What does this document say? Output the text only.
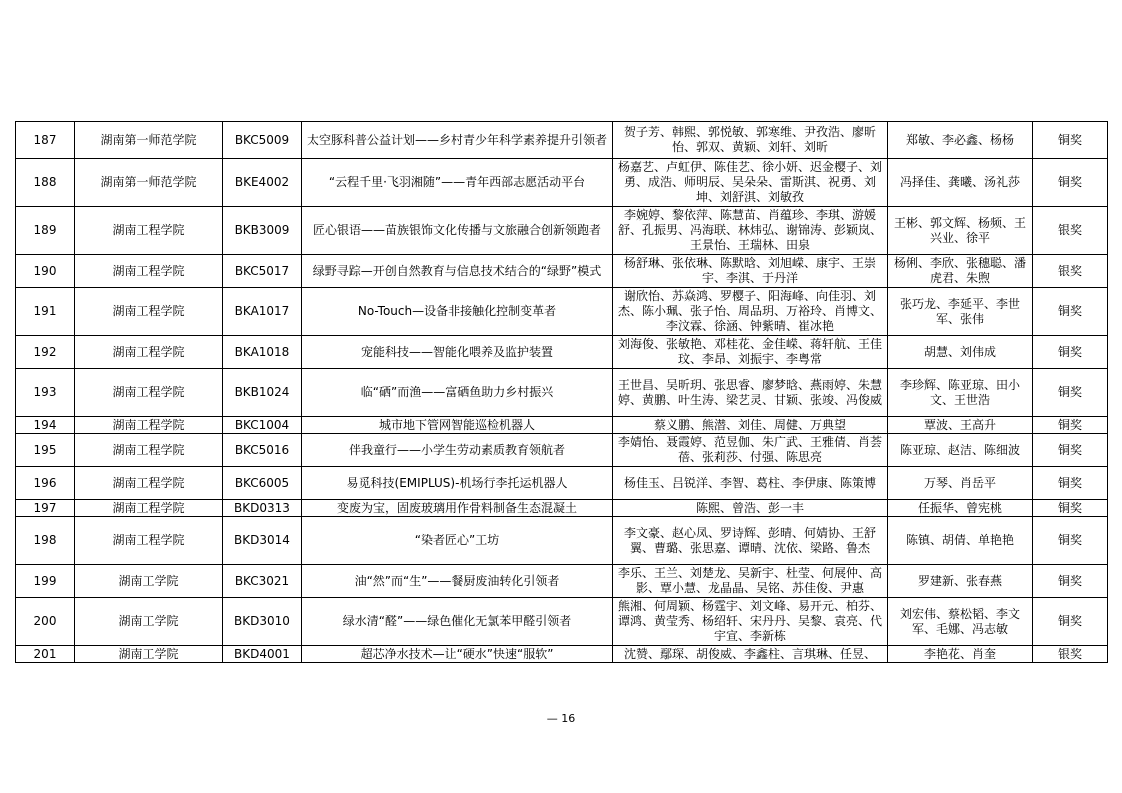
187	湖南第一师范学院	BKC5009	太空豚科普公益计划——乡村青少年科学素养提升引领者	贺子芳、韩熙、郭悦敏、郭寒维、尹孜浩、廖昕怡、郭双、黄颖、刘轩、刘昕	郑敏、李必鑫、杨杨	铜奖
188	湖南第一师范学院	BKE4002	“云程千里·飞羽湘随”——青年西部志愿活动平台	杨嘉艺、卢虹伊、陈佳艺、徐小妍、迟金樱子、刘勇、成浩、师明辰、吴朵朵、雷斯淇、祝勇、刘坤、刘舒淇、刘敏孜	冯择佳、龚曦、汤礼莎	铜奖
189	湖南工程学院	BKB3009	匠心银语——苗族银饰文化传播与文旅融合创新领跑者	李婉婷、黎依萍、陈慧苗、肖蕴珍、李琪、游媛舒、孔振男、冯海联、林炜弘、谢锦涛、彭颖岚、王景怡、王瑞林、田泉	王彬、郭文辉、杨频、王兴业、徐平	银奖
190	湖南工程学院	BKC5017	绿野寻踪—开创自然教育与信息技术结合的“绿野”模式	杨舒琳、张依琳、陈默晗、刘旭嵘、康宇、王崇宇、李淇、于丹洋	杨俐、李欣、张穗聪、潘虎君、朱煦	银奖
191	湖南工程学院	BKA1017	No-Touch—设备非接触化控制变革者	谢欣怡、苏焱鸿、罗樱子、阳海峰、向佳羽、刘杰、陈小珮、张子怡、周品玥、万裕玲、肖博文、李汶霖、徐涵、钟紫晴、崔冰艳	张巧龙、李延平、李世军、张伟	铜奖
192	湖南工程学院	BKA1018	宠能科技——智能化喂养及监护装置	刘海俊、张敏艳、邓桂花、金佳嵘、蒋轩航、王佳玟、李昂、刘振宇、李粤常	胡慧、刘伟成	铜奖
193	湖南工程学院	BKB1024	临“硒”而渔——富硒鱼助力乡村振兴	王世昌、吴昕玥、张思睿、廖梦晗、燕雨婷、朱慧婷、黄鹏、叶生涛、梁艺灵、甘颖、张竣、冯俊威	李珍辉、陈亚琼、田小文、王世浩	铜奖
194	湖南工程学院	BKC1004	城市地下管网智能巡检机器人	蔡义鹏、熊潜、刘佳、周健、万典望	覃波、王高升	铜奖
195	湖南工程学院	BKC5016	伴我童行——小学生劳动素质教育领航者	李婧怡、聂霞婷、范昱伽、朱广武、王雅倩、肖荟蓓、张莉莎、付强、陈思亮	陈亚琼、赵洁、陈细波	铜奖
196	湖南工程学院	BKC6005	易觅科技(EMIPLUS)-机场行李托运机器人	杨佳玉、吕锐洋、李智、葛柱、李伊康、陈策博	万琴、肖岳平	铜奖
197	湖南工程学院	BKD0313	变废为宝，固废玻璃用作骨料制备生态混凝土	陈熙、曾浩、彭一丰	任振华、曾宪桃	铜奖
198	湖南工程学院	BKD3014	“染者匠心”工坊	李文豪、赵心凤、罗诗辉、彭晴、何婧协、王舒翼、曹璐、张思嘉、谭晴、沈依、梁路、鲁杰	陈镇、胡倩、单艳艳	铜奖
199	湖南工学院	BKC3021	油“然”而“生”——餐厨废油转化引领者	李乐、王兰、刘楚龙、吴新宇、杜莹、何展仲、高影、覃小慧、龙晶晶、吴铭、苏佳俊、尹惠	罗建新、张春燕	铜奖
200	湖南工学院	BKD3010	绿水清“醛”——绿色催化无氯苯甲醛引领者	熊湘、何周颖、杨霆宇、刘文峰、易开元、柏芬、谭鸿、黄莹秀、杨绍轩、宋丹丹、吴黎、袁亮、代宇宣、李新栋	刘宏伟、蔡松韬、李文军、毛娜、冯志敏	铜奖
201	湖南工学院	BKD4001	超芯净水技术—让“硬水”快速“服软”	沈赞、鄢琛、胡俊威、李鑫柱、言琪琳、任昱、	李艳花、肖奎	银奖
— 16
